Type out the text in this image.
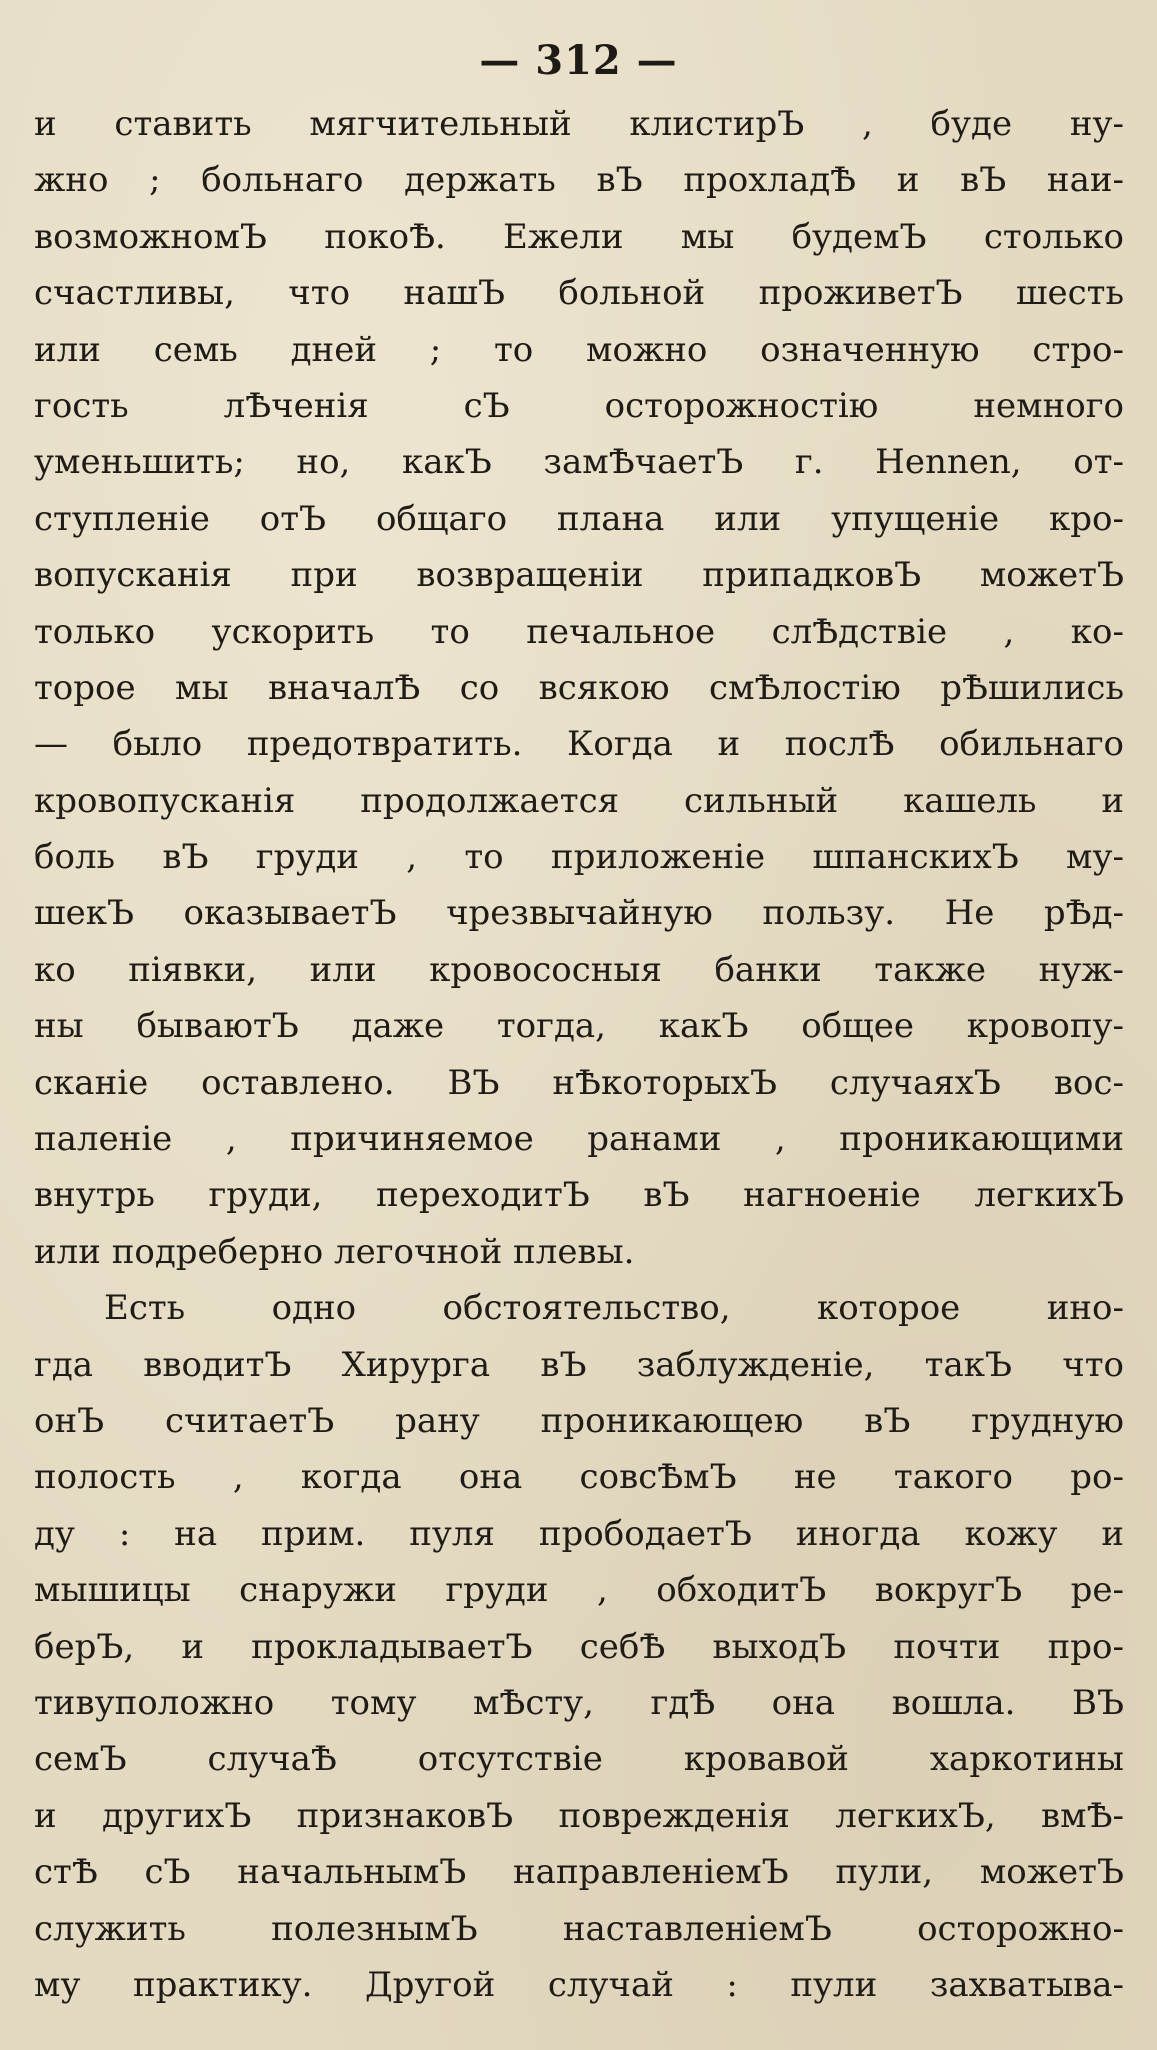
— 312 —
и ставить мягчительный клистирЪ , буде ну-
жно ; больнаго держать вЪ прохладѢ и вЪ наи-
возможномЪ покоѢ. Ежели мы будемЪ столько
счастливы, что нашЪ больной проживетЪ шесть
или семь дней ; то можно означенную стро-
гость лѢченія сЪ осторожностію немного
уменьшить; но, какЪ замѢчаетЪ г. Hennen, от-
ступленіе отЪ общаго плана или упущеніе кро-
вопусканія при возвращеніи припадковЪ можетЪ
только ускорить то печальное слѢдствіе , ко-
торое мы вначалѢ со всякою смѢлостію рѢшились
— было предотвратить. Когда и послѢ обильнаго
кровопусканія продолжается сильный кашель и
боль вЪ груди , то приложеніе шпанскихЪ му-
шекЪ оказываетЪ чрезвычайную пользу. Не рѢд-
ко піявки, или кровососныя банки также нуж-
ны бываютЪ даже тогда, какЪ общее кровопу-
сканіе оставлено. ВЪ нѢкоторыхЪ случаяхЪ вос-
паленіе , причиняемое ранами , проникающими
внутрь груди, переходитЪ вЪ нагноеніе легкихЪ
или подреберно легочной плевы.
Есть одно обстоятельство, которое ино-
гда вводитЪ Хирурга вЪ заблужденіе, такЪ что
онЪ считаетЪ рану проникающею вЪ грудную
полость , когда она совсѢмЪ не такого ро-
ду : на прим. пуля прободаетЪ иногда кожу и
мышицы снаружи груди , обходитЪ вокругЪ ре-
берЪ, и прокладываетЪ себѢ выходЪ почти про-
тивуположно тому мѢсту, гдѢ она вошла. ВЪ
семЪ случаѢ отсутствіе кровавой харкотины
и другихЪ признаковЪ поврежденія легкихЪ, вмѢ-
стѢ сЪ начальнымЪ направленіемЪ пули, можетЪ
служить полезнымЪ наставленіемЪ осторожно-
му практику. Другой случай : пули захватыва-
